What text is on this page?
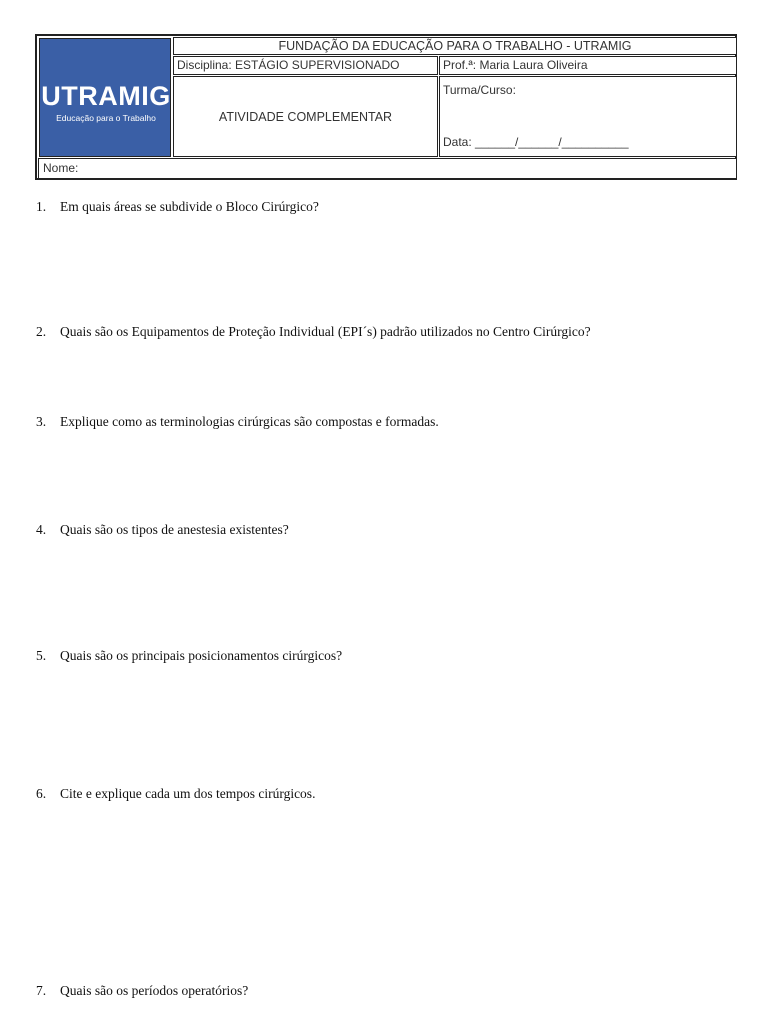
UTRAMIG
Educação para o Trabalho
FUNDAÇÃO DA EDUCAÇÃO PARA O TRABALHO - UTRAMIG
Disciplina: ESTÁGIO SUPERVISIONADO	Prof.ª: Maria Laura Oliveira
ATIVIDADE COMPLEMENTAR
Turma/Curso:
Data: ______/______/__________
Nome:
1. Em quais áreas se subdivide o Bloco Cirúrgico?
2. Quais são os Equipamentos de Proteção Individual (EPI´s) padrão utilizados no Centro Cirúrgico?
3. Explique como as terminologias cirúrgicas são compostas e formadas.
4. Quais são os tipos de anestesia existentes?
5. Quais são os principais posicionamentos cirúrgicos?
6. Cite e explique cada um dos tempos cirúrgicos.
7. Quais são os períodos operatórios?
